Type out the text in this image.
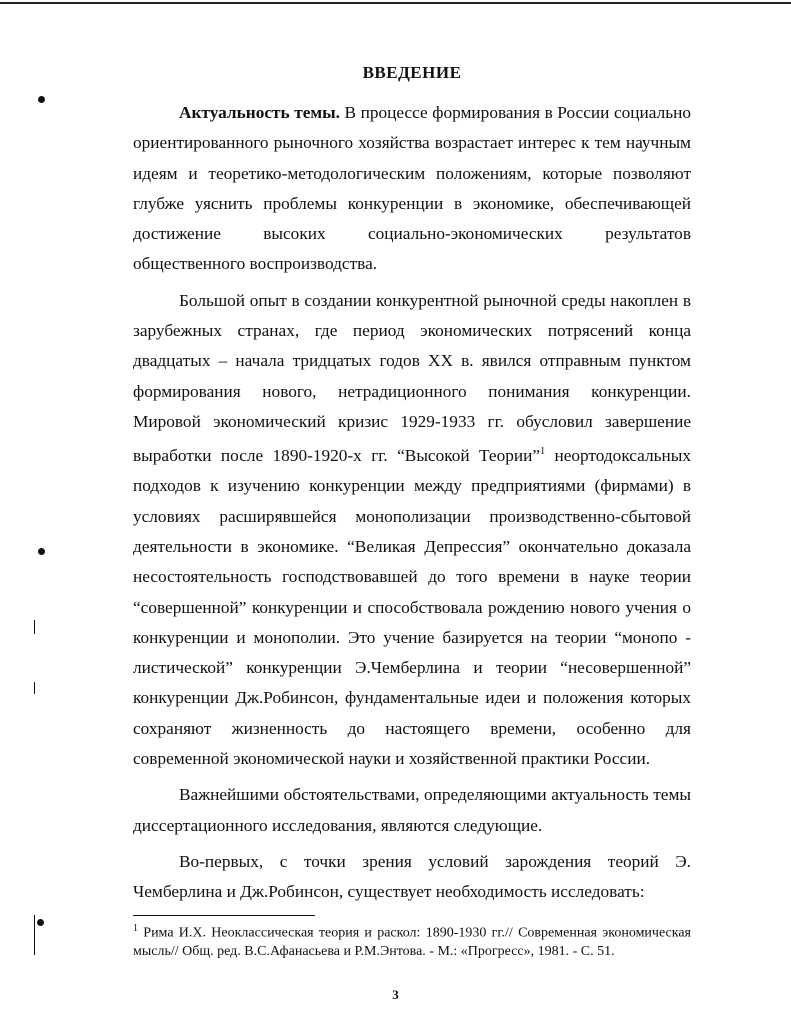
ВВЕДЕНИЕ

Актуальность темы. В процессе формирования в России социально ориентированного рыночного хозяйства возрастает интерес к тем научным идеям и теоретико-методологическим положениям, которые позволяют глубже уяснить проблемы конкуренции в экономике, обеспечивающей достижение высоких социально-экономических результатов общественного воспроизводства.

Большой опыт в создании конкурентной рыночной среды накоплен в зарубежных странах, где период экономических потрясений конца двадцатых – начала тридцатых годов XX в. явился отправным пунктом формирования нового, нетрадиционного понимания конкуренции. Мировой экономический кризис 1929-1933 гг. обусловил завершение выработки после 1890-1920-х гг. “Высокой Теории”$^1$ неортодоксальных подходов к изучению конкуренции между предприятиями (фирмами) в условиях расширявшейся монополизации производственно-сбытовой деятельности в экономике. “Великая Депрессия” окончательно доказала несостоятельность господствовавшей до того времени в науке теории “совершенной” конкуренции и способствовала рождению нового учения о конкуренции и монополии. Это учение базируется на теории “монопо - листической” конкуренции Э.Чемберлина и теории “несовершенной” конкуренции Дж.Робинсон, фундаментальные идеи и положения которых сохраняют жизненность до настоящего времени, особенно для современной экономической науки и хозяйственной практики России.

Важнейшими обстоятельствами, определяющими актуальность темы диссертационного исследования, являются следующие.

Во-первых, с точки зрения условий зарождения теорий Э. Чемберлина и Дж.Робинсон, существует необходимость исследовать:

$^1$ Рима И.Х. Неоклассическая теория и раскол: 1890-1930 гг.// Современная экономическая мысль// Общ. ред. В.С.Афанасьева и Р.М.Энтова. - М.: «Прогресс», 1981. - С. 51.
3
